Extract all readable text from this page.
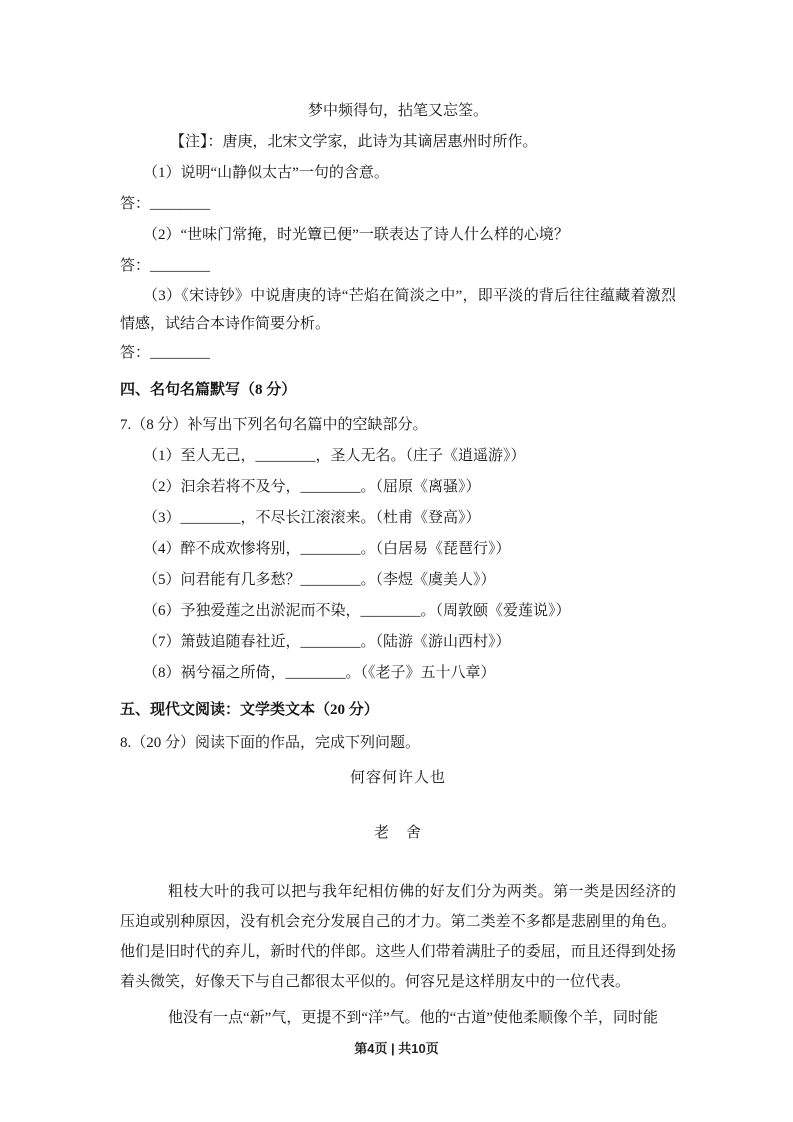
梦中频得句，拈笔又忘筌。
【注】：唐庚，北宋文学家，此诗为其谪居惠州时所作。
（1）说明“山静似太古”一句的含意。
答：________
（2）“世味门常掩，时光簟已便”一联表达了诗人什么样的心境？
答：________
（3）《宋诗钞》中说唐庚的诗“芒焰在简淡之中”，即平淡的背后往往蕴藏着激烈情感，试结合本诗作简要分析。
答：________
四、名句名篇默写（8 分）
7.（8 分）补写出下列名句名篇中的空缺部分。
（1）至人无己，________，圣人无名。（庄子《逍遥游》）
（2）汩余若将不及兮，________。（屈原《离骚》）
（3）________，不尽长江滚滚来。（杜甫《登高》）
（4）醉不成欢惨将别，________。（白居易《琵琶行》）
（5）问君能有几多愁？________。（李煜《虞美人》）
（6）予独爱莲之出淤泥而不染，________。（周敦颐《爱莲说》）
（7）箫鼓追随春社近，________。（陆游《游山西村》）
（8）祸兮福之所倚，________。（《老子》五十八章）
五、现代文阅读：文学类文本（20 分）
8.（20 分）阅读下面的作品，完成下列问题。
何容何许人也
老　舍
粗枝大叶的我可以把与我年纪相仿佛的好友们分为两类。第一类是因经济的压迫或别种原因，没有机会充分发展自己的才力。第二类差不多都是悲剧里的角色。他们是旧时代的弃儿，新时代的伴郎。这些人们带着满肚子的委屈，而且还得到处扬着头微笑，好像天下与自己都很太平似的。何容兄是这样朋友中的一位代表。
他没有一点“新”气，更提不到“洋”气。他的“古道”使他柔顺像个羊，同时能
第4页 | 共10页
